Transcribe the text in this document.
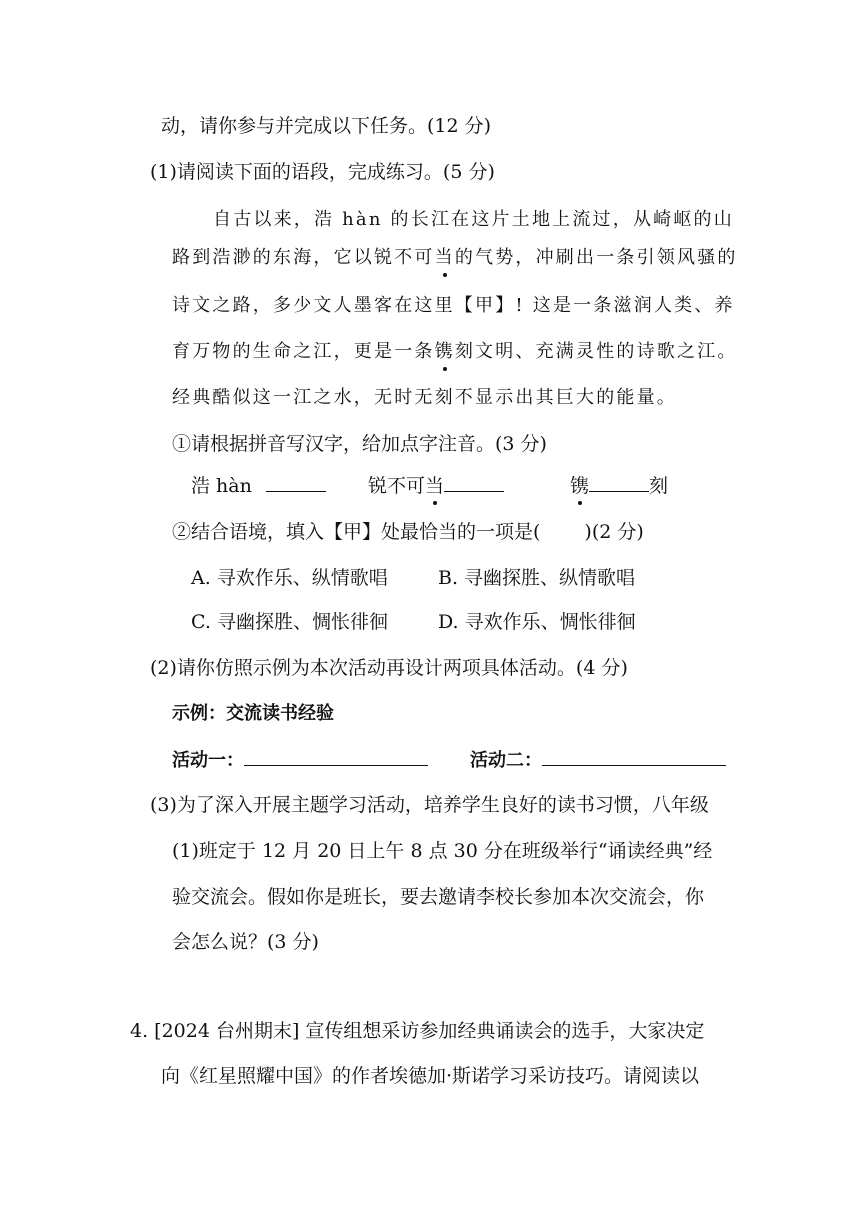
动，请你参与并完成以下任务。(12 分)
(1)请阅读下面的语段，完成练习。(5 分)
自古以来，浩 hàn 的长江在这片土地上流过，从崎岖的山
路到浩渺的东海，它以锐不可当的气势，冲刷出一条引领风骚的
诗文之路，多少文人墨客在这里【甲】! 这是一条滋润人类、养
育万物的生命之江，更是一条镌刻文明、充满灵性的诗歌之江。
经典酷似这一江之水，无时无刻不显示出其巨大的能量。
①请根据拼音写汉字，给加点字注音。(3 分)
浩 hàn	锐不可当	镌	刻
②结合语境，填入【甲】处最恰当的一项是( )(2 分)
A. 寻欢作乐、纵情歌唱	B. 寻幽探胜、纵情歌唱
C. 寻幽探胜、惆怅徘徊	D. 寻欢作乐、惆怅徘徊
(2)请你仿照示例为本次活动再设计两项具体活动。(4 分)
示例：交流读书经验
活动一：	活动二：
(3)为了深入开展主题学习活动，培养学生良好的读书习惯，八年级
(1)班定于 12 月 20 日上午 8 点 30 分在班级举行“诵读经典”经
验交流会。假如你是班长，要去邀请李校长参加本次交流会，你
会怎么说？(3 分)
4. [2024 台州期末] 宣传组想采访参加经典诵读会的选手，大家决定
向《红星照耀中国》的作者埃德加·斯诺学习采访技巧。请阅读以
